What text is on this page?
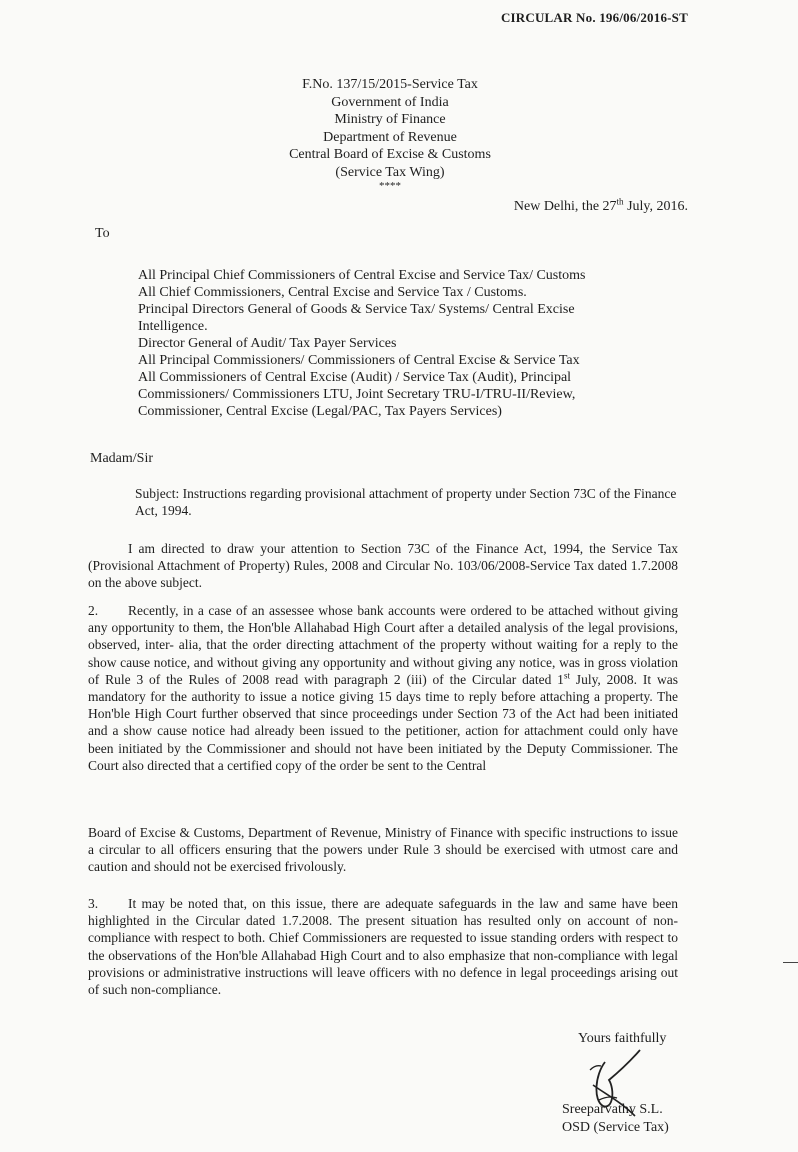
CIRCULAR No. 196/06/2016-ST
F.No. 137/15/2015-Service Tax
Government of India
Ministry of Finance
Department of Revenue
Central Board of Excise & Customs
(Service Tax Wing)
****
New Delhi, the 27th July, 2016.
To
All Principal Chief Commissioners of Central Excise and Service Tax/ Customs
All Chief Commissioners, Central Excise and Service Tax / Customs.
Principal Directors General of Goods & Service Tax/ Systems/ Central Excise
Intelligence.
Director General of Audit/ Tax Payer Services
All Principal Commissioners/ Commissioners of Central Excise & Service Tax
All Commissioners of Central Excise (Audit) / Service Tax (Audit), Principal
Commissioners/ Commissioners LTU, Joint Secretary TRU-I/TRU-II/Review,
Commissioner, Central Excise (Legal/PAC, Tax Payers Services)
Madam/Sir
Subject: Instructions regarding provisional attachment of property under Section 73C of the Finance Act, 1994.
I am directed to draw your attention to Section 73C of the Finance Act, 1994, the Service Tax (Provisional Attachment of Property) Rules, 2008 and Circular No. 103/06/2008-Service Tax dated 1.7.2008 on the above subject.
2. Recently, in a case of an assessee whose bank accounts were ordered to be attached without giving any opportunity to them, the Hon'ble Allahabad High Court after a detailed analysis of the legal provisions, observed, inter- alia, that the order directing attachment of the property without waiting for a reply to the show cause notice, and without giving any opportunity and without giving any notice, was in gross violation of Rule 3 of the Rules of 2008 read with paragraph 2 (iii) of the Circular dated 1st July, 2008. It was mandatory for the authority to issue a notice giving 15 days time to reply before attaching a property. The Hon'ble High Court further observed that since proceedings under Section 73 of the Act had been initiated and a show cause notice had already been issued to the petitioner, action for attachment could only have been initiated by the Commissioner and should not have been initiated by the Deputy Commissioner. The Court also directed that a certified copy of the order be sent to the Central
Board of Excise & Customs, Department of Revenue, Ministry of Finance with specific instructions to issue a circular to all officers ensuring that the powers under Rule 3 should be exercised with utmost care and caution and should not be exercised frivolously.
3. It may be noted that, on this issue, there are adequate safeguards in the law and same have been highlighted in the Circular dated 1.7.2008. The present situation has resulted only on account of non-compliance with respect to both. Chief Commissioners are requested to issue standing orders with respect to the observations of the Hon'ble Allahabad High Court and to also emphasize that non-compliance with legal provisions or administrative instructions will leave officers with no defence in legal proceedings arising out of such non-compliance.
Yours faithfully
Sreeparvathy S.L.
OSD (Service Tax)
